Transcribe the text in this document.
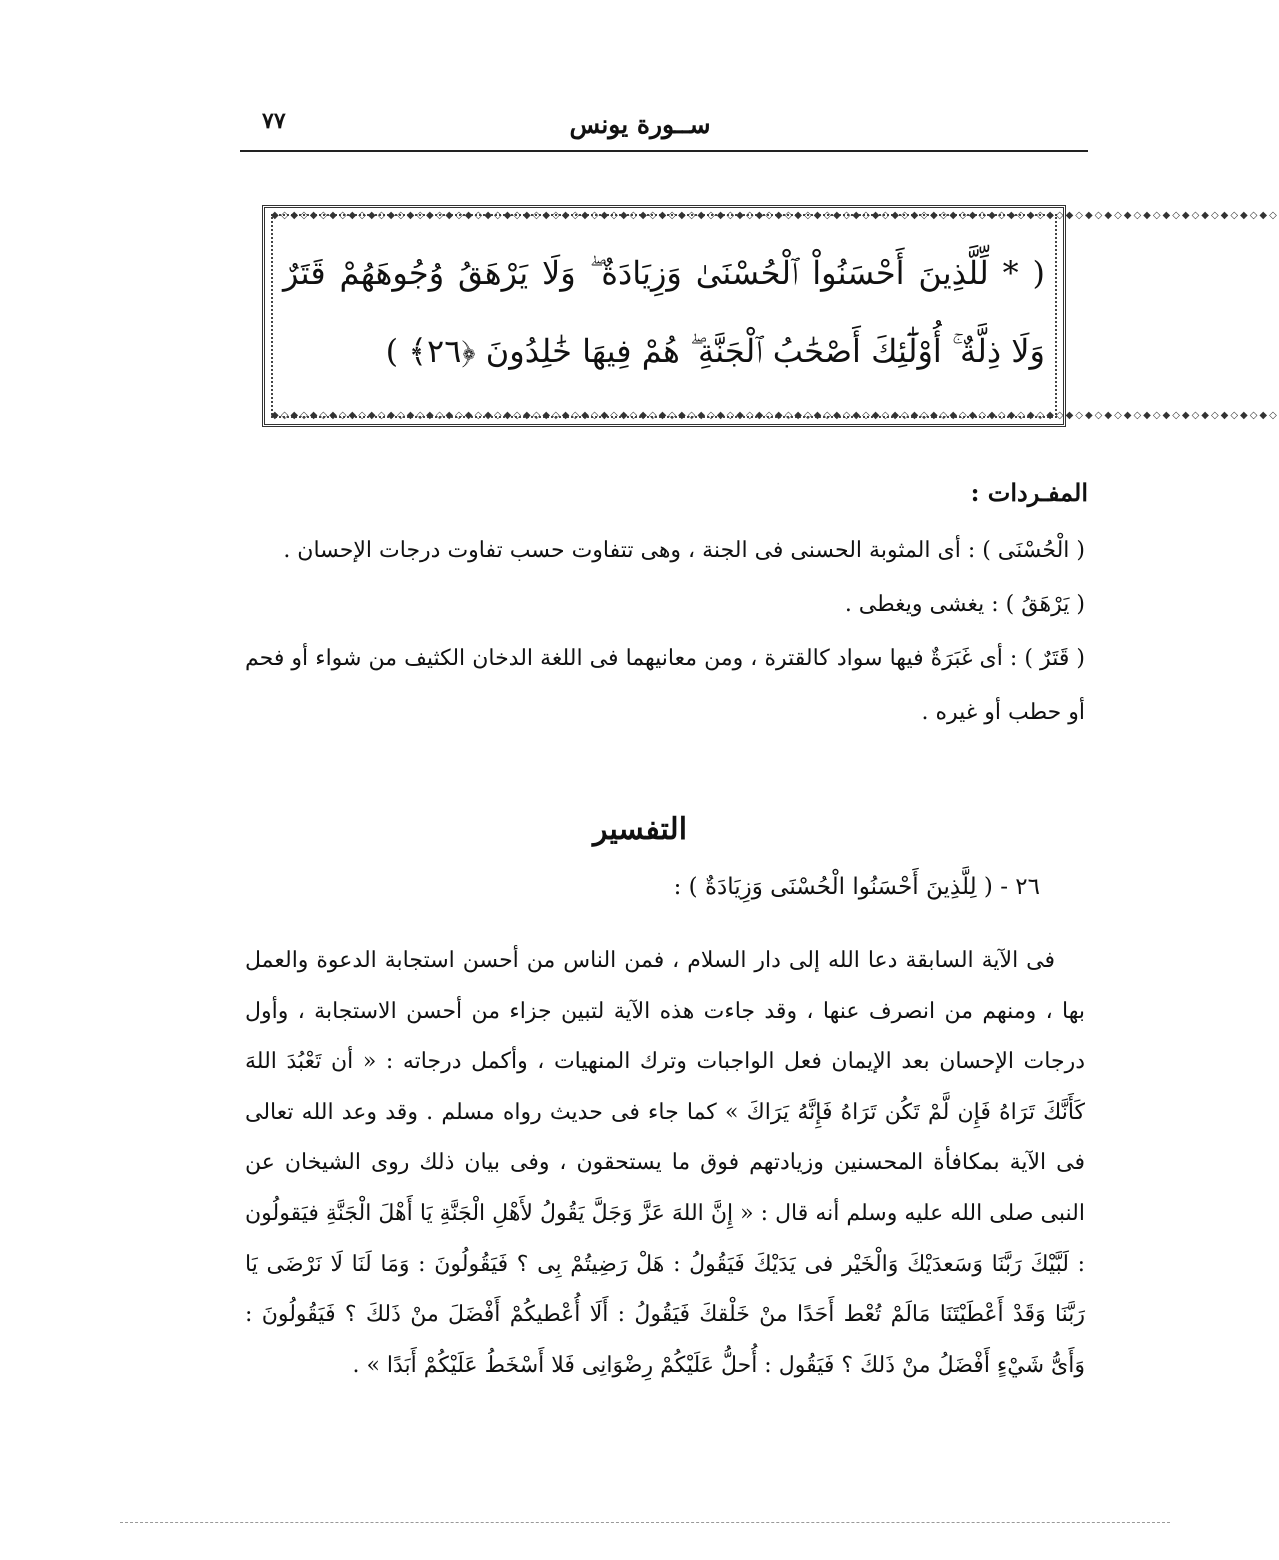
٧٧	ســورة يونس
◆◇◆◇◆◇◆◇◆◇◆◇◆◇◆◇◆◇◆◇◆◇◆◇◆◇◆◇◆◇◆◇◆◇◆◇◆◇◆◇◆◇◆◇◆◇◆◇◆◇◆◇◆◇◆◇◆◇◆◇◆◇◆◇◆◇◆◇◆◇◆◇◆◇◆◇◆◇◆◇◆◇◆◇◆◇◆◇◆◇◆◇◆◇◆◇◆◇◆◇◆◇◆◇
( * لِّلَّذِينَ أَحْسَنُواْ ٱلْحُسْنَىٰ وَزِيَادَةٌ ۖ وَلَا يَرْهَقُ وُجُوهَهُمْ قَتَرٌ
وَلَا ذِلَّةٌ ۚ أُوْلَٰٓئِكَ أَصْحَٰبُ ٱلْجَنَّةِ ۖ هُمْ فِيهَا خَٰلِدُونَ ﴿٢٦﴾ )
◆◇◆◇◆◇◆◇◆◇◆◇◆◇◆◇◆◇◆◇◆◇◆◇◆◇◆◇◆◇◆◇◆◇◆◇◆◇◆◇◆◇◆◇◆◇◆◇◆◇◆◇◆◇◆◇◆◇◆◇◆◇◆◇◆◇◆◇◆◇◆◇◆◇◆◇◆◇◆◇◆◇◆◇◆◇◆◇◆◇◆◇◆◇◆◇◆◇◆◇◆◇◆◇
المفـردات :

( الْحُسْنَى ) : أى المثوبة الحسنى فى الجنة ، وهى تتفاوت حسب تفاوت درجات الإحسان .

( يَرْهَقُ ) : يغشى ويغطى .

( قَتَرٌ ) : أى غَبَرَةٌ فيها سواد كالقترة ، ومن معانيهما فى اللغة الدخان الكثيف من شواء أو فحم أو حطب أو غيره .

التفسير
٢٦ - ( لِلَّذِينَ أَحْسَنُوا الْحُسْنَى وَزِيَادَةٌ ) :

فى الآية السابقة دعا الله إلى دار السلام ، فمن الناس من أحسن استجابة الدعوة والعمل بها ، ومنهم من انصرف عنها ، وقد جاءت هذه الآية لتبين جزاء من أحسن الاستجابة ، وأول درجات الإحسان بعد الإيمان فعل الواجبات وترك المنهيات ، وأكمل درجاته : « أن تَعْبُدَ اللهَ كَأَنَّكَ تَرَاهُ فَإِن لَّمْ تَكُن تَرَاهُ فَإِنَّهُ يَرَاكَ » كما جاء فى حديث رواه مسلم . وقد وعد الله تعالى فى الآية بمكافأة المحسنين وزيادتهم فوق ما يستحقون ، وفى بيان ذلك روى الشيخان عن النبى صلى الله عليه وسلم أنه قال : « إِنَّ اللهَ عَزَّ وَجَلَّ يَقُولُ لأَهْلِ الْجَنَّةِ يَا أَهْلَ الْجَنَّةِ فيَقولُون : لَبَّيْكَ رَبَّنَا وَسَعدَيْكَ وَالْخَيْر فى يَدَيْكَ فَيَقُولُ : هَلْ رَضِيتُمْ بِى ؟ فَيَقُولُونَ : وَمَا لَنَا لَا نَرْضَى يَا رَبَّنَا وَقَدْ أَعْطَيْتَنَا مَالَمْ تُعْط أَحَدًا منْ خَلْقكَ فَيَقُولُ : أَلَا أُعْطيكُمْ أَفْضَلَ منْ ذَلكَ ؟ فَيَقُولُونَ : وَأَىُّ شَيْءٍ أَفْضَلُ منْ ذَلكَ ؟ فَيَقُول : أُحلُّ عَلَيْكُمْ رِضْوَانِى فَلا أَسْخَطُ عَلَيْكُمْ أَبَدًا » .
